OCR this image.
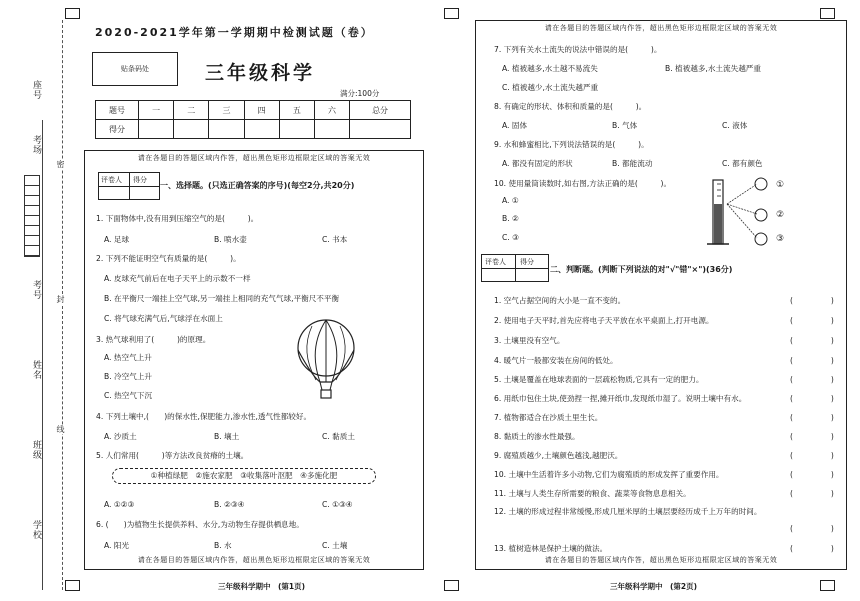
座号
考场
考号
姓名
班级
学校
密
封
线
2020-2021学年第一学期期中检测试题（卷）
贴条码处	三年级科学
满分:100分
题号	一	二	三	四	五	六	总分
得分							
请在各题目的答题区域内作答，超出黑色矩形边框限定区域的答案无效
请在各题目的答题区域内作答，超出黑色矩形边框限定区域的答案无效
评卷人 得分
一、选择题。(只选正确答案的序号)(每空2分,共20分)
1. 下面物体中,没有用到压缩空气的是(　　　)。
A. 足球	B. 喷水壶	C. 书本
2. 下列不能证明空气有质量的是(　　　)。
A. 皮球充气前后在电子天平上的示数不一样
B. 在平衡尺一端挂上空气球,另一端挂上相同的充气气球,平衡尺不平衡
C. 将气球充满气后,气球浮在水面上
3. 热气球利用了(　　　)的原理。
A. 热空气上升
B. 冷空气上升
C. 热空气下沉
4. 下列土壤中,(　　)的保水性,保肥能力,渗水性,透气性都较好。
A. 沙质土	B. 壤土	C. 黏质土
5. 人们常用(　　　)等方法改良贫瘠的土壤。
①种植绿肥　②施农家肥　③收集落叶沤肥　④多施化肥
A. ①②③	B. ②③④	C. ①③④
6. (　　)为植物生长提供养料、水分,为动物生存提供栖息地。
A. 阳光	B. 水	C. 土壤
三年级科学期中　(第1页)
请在各题目的答题区域内作答，超出黑色矩形边框限定区域的答案无效
请在各题目的答题区域内作答，超出黑色矩形边框限定区域的答案无效
7. 下列有关水土流失的说法中错误的是(　　　)。
A. 植被越多,水土越不易流失	B. 植被越多,水土流失越严重
C. 植被越少,水土流失越严重
8. 有确定的形状、体积和质量的是(　　　)。
A. 固体	B. 气体	C. 液体
9. 水和蜂蜜相比,下列说法错误的是(　　　)。
A. 都没有固定的形状	B. 都能流动	C. 都有颜色
10. 使用量筒读数时,如右图,方法正确的是(　　　)。
A. ①
B. ②
C. ③
①
②
③
评卷人 得分
二、判断题。(判断下列说法的对"√"错"×")(36分)
1. 空气占据空间的大小是一直不变的。	(　　　　　)
2. 使用电子天平时,首先应将电子天平放在水平桌面上,打开电源。	(　　　　　)
3. 土壤里没有空气。	(　　　　　)
4. 暖气片一般都安装在房间的低处。	(　　　　　)
5. 土壤是覆盖在地球表面的一层疏松物质,它具有一定的肥力。	(　　　　　)
6. 用纸巾包住土块,使劲捏一捏,摊开纸巾,发现纸巾湿了。说明土壤中有水。	(　　　　　)
7. 植物都适合在沙质土里生长。	(　　　　　)
8. 黏质土的渗水性最强。	(　　　　　)
9. 腐殖质越少,土壤颜色越浅,越肥沃。	(　　　　　)
10. 土壤中生活着许多小动物,它们为腐殖质的形成发挥了重要作用。	(　　　　　)
11. 土壤与人类生存所需要的粮食、蔬菜等食物息息相关。	(　　　　　)
12. 土壤的形成过程非常缓慢,形成几厘米厚的土壤层要经历成千上万年的时间。
(　　　　　)
13. 植树造林是保护土壤的做法。	(　　　　　)
三年级科学期中　(第2页)
